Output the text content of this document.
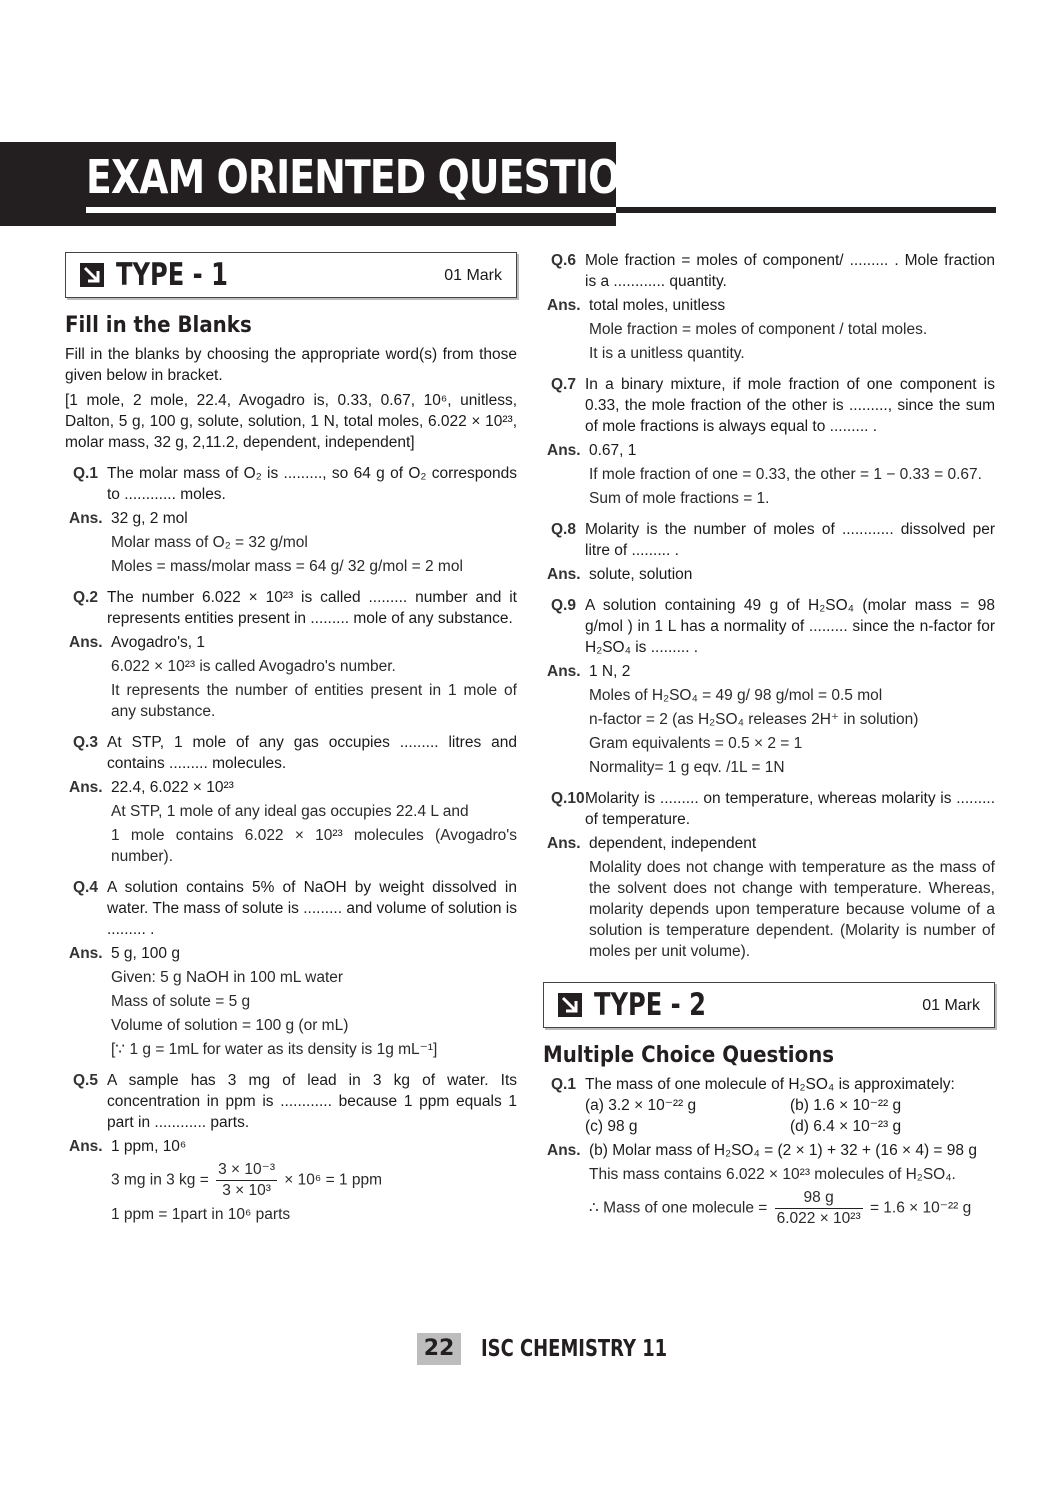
EXAM ORIENTED QUESTIONS
TYPE - 1	01 Mark
Fill in the Blanks
Fill in the blanks by choosing the appropriate word(s) from those given below in bracket.
[1 mole, 2 mole, 22.4, Avogadro is, 0.33, 0.67, 10⁶, unitless, Dalton, 5 g, 100 g, solute, solution, 1 N, total moles, 6.022 × 10²³, molar mass, 32 g, 2,11.2, dependent, independent]
Q.1 The molar mass of O₂ is ........., so 64 g of O₂ corresponds to ............ moles.
Ans. 32 g, 2 mol
Molar mass of O₂ = 32 g/mol
Moles = mass/molar mass = 64 g/ 32 g/mol = 2 mol
Q.2 The number 6.022 × 10²³ is called ......... number and it represents entities present in ......... mole of any substance.
Ans. Avogadro's, 1
6.022 × 10²³ is called Avogadro's number.
It represents the number of entities present in 1 mole of any substance.
Q.3 At STP, 1 mole of any gas occupies ......... litres and contains ......... molecules.
Ans. 22.4, 6.022 × 10²³
At STP, 1 mole of any ideal gas occupies 22.4 L and
1 mole contains 6.022 × 10²³ molecules (Avogadro's number).
Q.4 A solution contains 5% of NaOH by weight dissolved in water. The mass of solute is ......... and volume of solution is ......... .
Ans. 5 g, 100 g
Given: 5 g NaOH in 100 mL water
Mass of solute = 5 g
Volume of solution = 100 g (or mL)
[∵ 1 g = 1mL for water as its density is 1g mL⁻¹]
Q.5 A sample has 3 mg of lead in 3 kg of water. Its concentration in ppm is ............ because 1 ppm equals 1 part in ............ parts.
Ans. 1 ppm, 10⁶
3 mg in 3 kg = $\frac{\text{3 × 10⁻³}}{\text{3 × 10³}} \times 10^6 = 1$ ppm
1 ppm = 1part in 10⁶ parts
Q.6 Mole fraction = moles of component/ ......... . Mole fraction is a ............ quantity.
Ans. total moles, unitless
Mole fraction = moles of component / total moles.
It is a unitless quantity.
Q.7 In a binary mixture, if mole fraction of one component is 0.33, the mole fraction of the other is ........., since the sum of mole fractions is always equal to ......... .
Ans. 0.67, 1
If mole fraction of one = 0.33, the other = 1 − 0.33 = 0.67.
Sum of mole fractions = 1.
Q.8 Molarity is the number of moles of ............ dissolved per litre of ......... .
Ans. solute, solution
Q.9 A solution containing 49 g of H₂SO₄ (molar mass = 98 g/mol ) in 1 L has a normality of ......... since the n-factor for H₂SO₄ is ......... .
Ans. 1 N, 2
Moles of H₂SO₄ = 49 g/ 98 g/mol = 0.5 mol
n-factor = 2 (as H₂SO₄ releases 2H⁺ in solution)
Gram equivalents = 0.5 × 2 = 1
Normality= 1 g eqv. /1L = 1N
Q.10 Molarity is ......... on temperature, whereas molarity is ......... of temperature.
Ans. dependent, independent
Molality does not change with temperature as the mass of the solvent does not change with temperature. Whereas, molarity depends upon temperature because volume of a solution is temperature dependent. (Molarity is number of moles per unit volume).
TYPE - 2	01 Mark
Multiple Choice Questions
Q.1 The mass of one molecule of H₂SO₄ is approximately:
(a) 3.2 × 10⁻²² g	(b) 1.6 × 10⁻²² g
(c) 98 g	(d) 6.4 × 10⁻²³ g
Ans. (b) Molar mass of H₂SO₄ = (2 × 1) + 32 + (16 × 4) = 98 g
This mass contains 6.022 × 10²³ molecules of H₂SO₄.
∴ Mass of one molecule = $\frac{98 g}{\text{6.022 × 10²³}} = 1.6 \times 10^{-22}$ g
22 ISC CHEMISTRY 11
